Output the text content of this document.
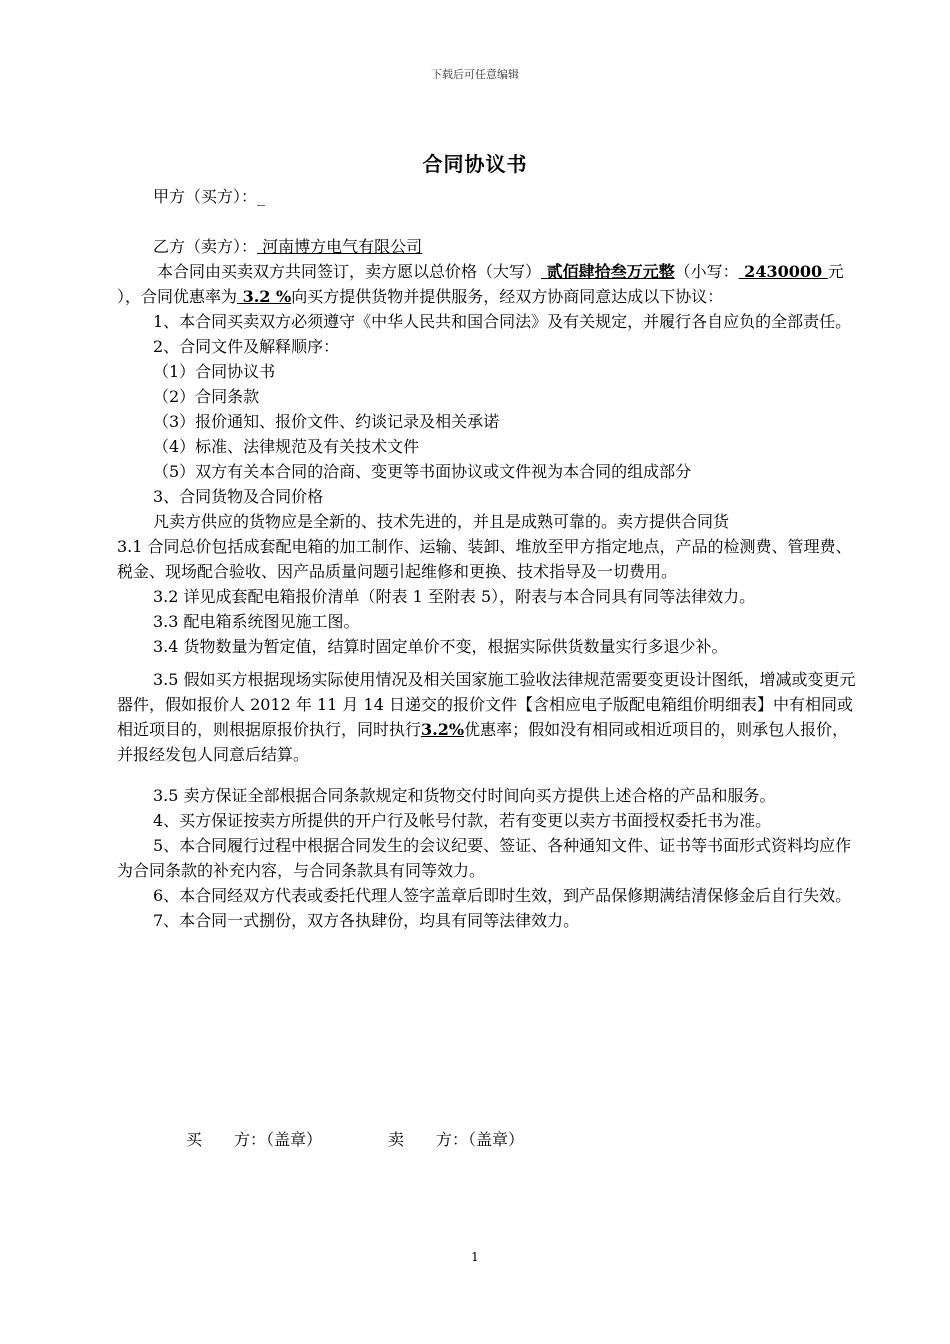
下载后可任意编辑
合同协议书
甲方（买方）：_
乙方（卖方）： 河南博方电气有限公司

本合同由买卖双方共同签订，卖方愿以总价格（大写） 贰佰肆拾叁万元整（小写： 2430000 元 ），合同优惠率为 3.2 %向买方提供货物并提供服务，经双方协商同意达成以下协议：

1、本合同买卖双方必须遵守《中华人民共和国合同法》及有关规定，并履行各自应负的全部责任。

2、合同文件及解释顺序：

（1）合同协议书
（2）合同条款
（3）报价通知、报价文件、约谈记录及相关承诺
（4）标准、法律规范及有关技术文件
（5）双方有关本合同的洽商、变更等书面协议或文件视为本合同的组成部分

3、合同货物及合同价格

凡卖方供应的货物应是全新的、技术先进的，并且是成熟可靠的。卖方提供合同货

3.1 合同总价包括成套配电箱的加工制作、运输、装卸、堆放至甲方指定地点，产品的检测费、管理费、税金、现场配合验收、因产品质量问题引起维修和更换、技术指导及一切费用。

3.2 详见成套配电箱报价清单（附表 1 至附表 5），附表与本合同具有同等法律效力。

3.3 配电箱系统图见施工图。

3.4 货物数量为暂定值，结算时固定单价不变，根据实际供货数量实行多退少补。

3.5 假如买方根据现场实际使用情况及相关国家施工验收法律规范需要变更设计图纸，增减或变更元器件，假如报价人 2012 年 11 月 14 日递交的报价文件【含相应电子版配电箱组价明细表】中有相同或相近项目的，则根据原报价执行，同时执行3.2%优惠率；假如没有相同或相近项目的，则承包人报价，并报经发包人同意后结算。

3.5 卖方保证全部根据合同条款规定和货物交付时间向买方提供上述合格的产品和服务。

4、买方保证按卖方所提供的开户行及帐号付款，若有变更以卖方书面授权委托书为准。

5、本合同履行过程中根据合同发生的会议纪要、签证、各种通知文件、证书等书面形式资料均应作为合同条款的补充内容，与合同条款具有同等效力。

6、本合同经双方代表或委托代理人签字盖章后即时生效，到产品保修期满结清保修金后自行失效。

7、本合同一式捌份，双方各执肆份，均具有同等法律效力。

买　　方：（盖章）	卖　　方：（盖章）
1
